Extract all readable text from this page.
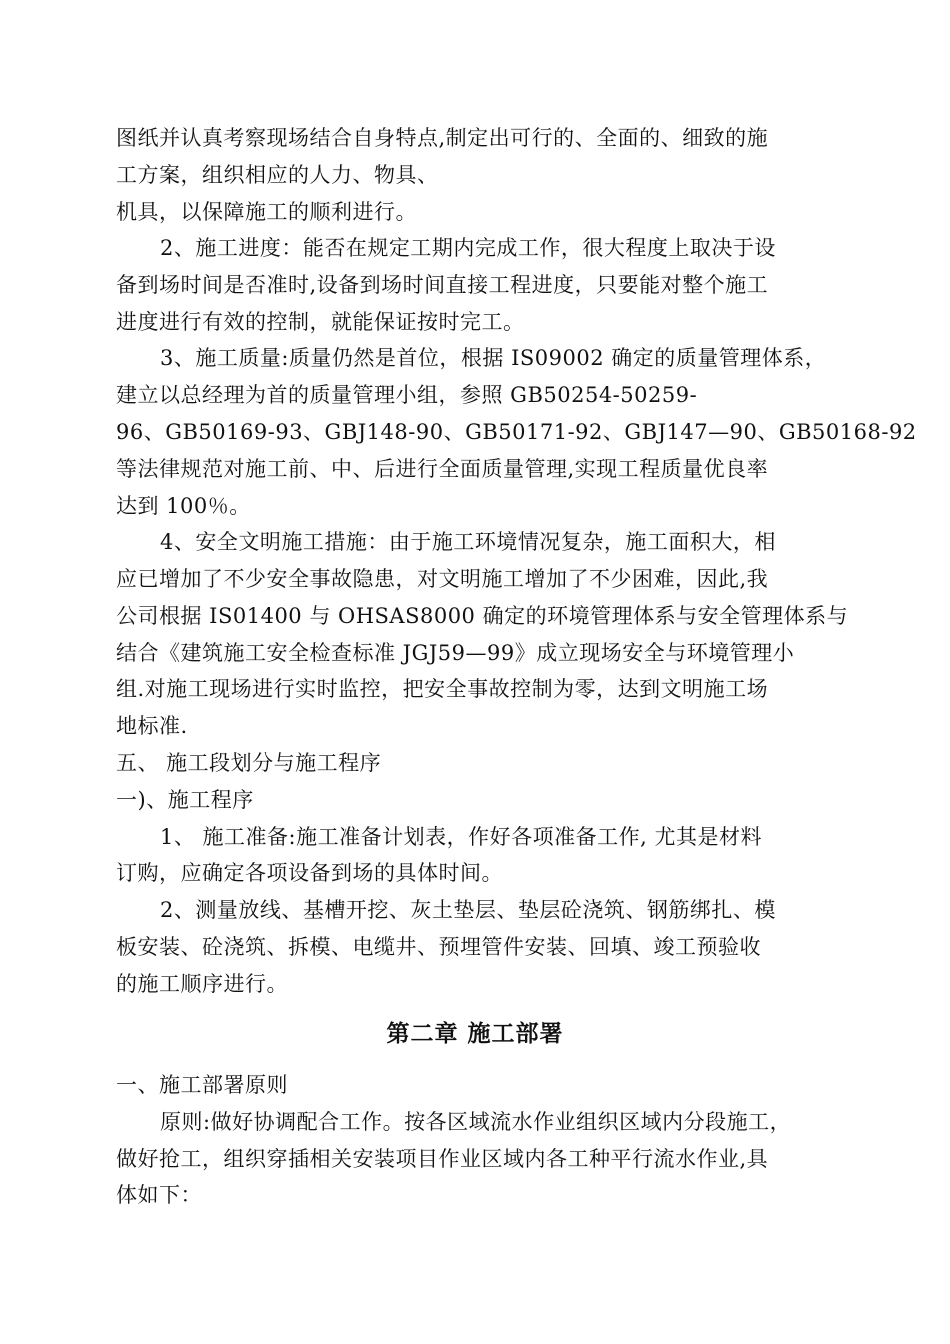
图纸并认真考察现场结合自身特点,制定出可行的、全面的、细致的施
工方案，组织相应的人力、物具、
机具，以保障施工的顺利进行。
2、施工进度：能否在规定工期内完成工作，很大程度上取决于设
备到场时间是否准时,设备到场时间直接工程进度，只要能对整个施工
进度进行有效的控制，就能保证按时完工。
3、施工质量:质量仍然是首位，根据 IS09002 确定的质量管理体系，
建立以总经理为首的质量管理小组，参照 GB50254-50259-
96、GB50169-93、GBJ148-90、GB50171-92、GBJ147—90、GB50168-92
等法律规范对施工前、中、后进行全面质量管理,实现工程质量优良率
达到 100％。
4、安全文明施工措施：由于施工环境情况复杂，施工面积大，相
应已增加了不少安全事故隐患，对文明施工增加了不少困难，因此,我
公司根据 IS01400 与 OHSAS8000 确定的环境管理体系与安全管理体系与
结合《建筑施工安全检查标准 JGJ59—99》成立现场安全与环境管理小
组.对施工现场进行实时监控，把安全事故控制为零，达到文明施工场
地标准.
五、 施工段划分与施工程序
一)、施工程序
1、 施工准备:施工准备计划表，作好各项准备工作, 尤其是材料
订购，应确定各项设备到场的具体时间。
2、测量放线、基槽开挖、灰土垫层、垫层砼浇筑、钢筋绑扎、模
板安装、砼浇筑、拆模、电缆井、预埋管件安装、回填、竣工预验收
的施工顺序进行。
第二章 施工部署
一、施工部署原则
原则:做好协调配合工作。按各区域流水作业组织区域内分段施工，
做好抢工，组织穿插相关安装项目作业区域内各工种平行流水作业,具
体如下：
